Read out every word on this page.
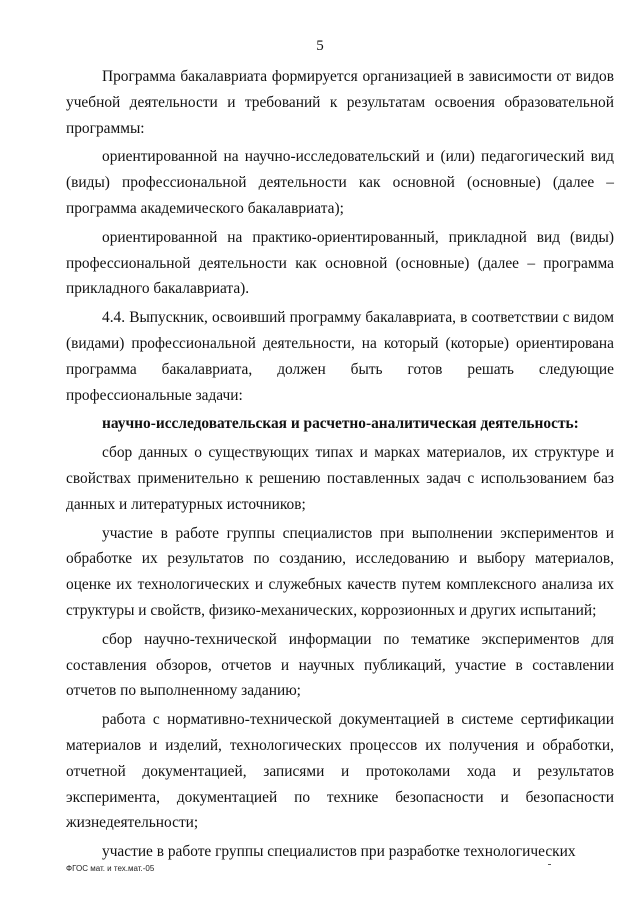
5

Программа бакалавриата формируется организацией в зависимости от видов учебной деятельности и требований к результатам освоения образовательной программы:

ориентированной на научно-исследовательский и (или) педагогический вид (виды) профессиональной деятельности как основной (основные) (далее – программа академического бакалавриата);

ориентированной на практико-ориентированный, прикладной вид (виды) профессиональной деятельности как основной (основные) (далее – программа прикладного бакалавриата).

4.4. Выпускник, освоивший программу бакалавриата, в соответствии с видом (видами) профессиональной деятельности, на который (которые) ориентирована программа бакалавриата, должен быть готов решать следующие профессиональные задачи:

научно-исследовательская и расчетно-аналитическая деятельность:

сбор данных о существующих типах и марках материалов, их структуре и свойствах применительно к решению поставленных задач с использованием баз данных и литературных источников;

участие в работе группы специалистов при выполнении экспериментов и обработке их результатов по созданию, исследованию и выбору материалов, оценке их технологических и служебных качеств путем комплексного анализа их структуры и свойств, физико-механических, коррозионных и других испытаний;

сбор научно-технической информации по тематике экспериментов для составления обзоров, отчетов и научных публикаций, участие в составлении отчетов по выполненному заданию;

работа с нормативно-технической документацией в системе сертификации материалов и изделий, технологических процессов их получения и обработки, отчетной документацией, записями и протоколами хода и результатов эксперимента, документацией по технике безопасности и безопасности жизнедеятельности;

участие в работе группы специалистов при разработке технологических

ФГОС мат. и тех.мат.-05
